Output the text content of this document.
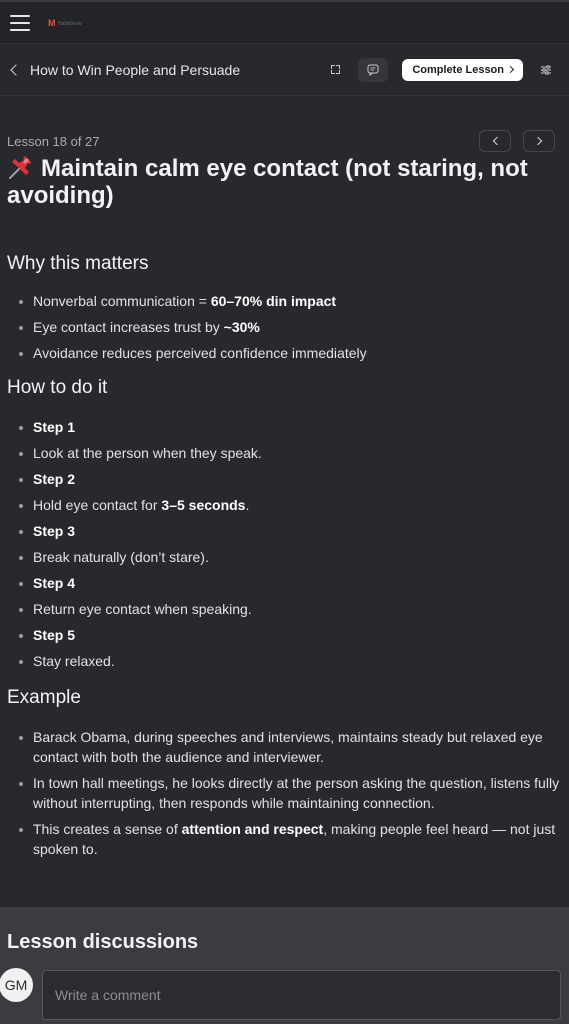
M HabitGrow
How to Win People and Persuade	Complete Lesson
Lesson 18 of 27
Maintain calm eye contact (not staring, not avoiding)
Why this matters
Nonverbal communication = 60–70% din impact
Eye contact increases trust by ~30%
Avoidance reduces perceived confidence immediately
How to do it
Step 1
Look at the person when they speak.
Step 2
Hold eye contact for 3–5 seconds.
Step 3
Break naturally (don’t stare).
Step 4
Return eye contact when speaking.
Step 5
Stay relaxed.
Example
Barack Obama, during speeches and interviews, maintains steady but relaxed eye contact with both the audience and interviewer.
In town hall meetings, he looks directly at the person asking the question, listens fully without interrupting, then responds while maintaining connection.
This creates a sense of attention and respect, making people feel heard — not just spoken to.
Lesson discussions
GM
Write a comment
